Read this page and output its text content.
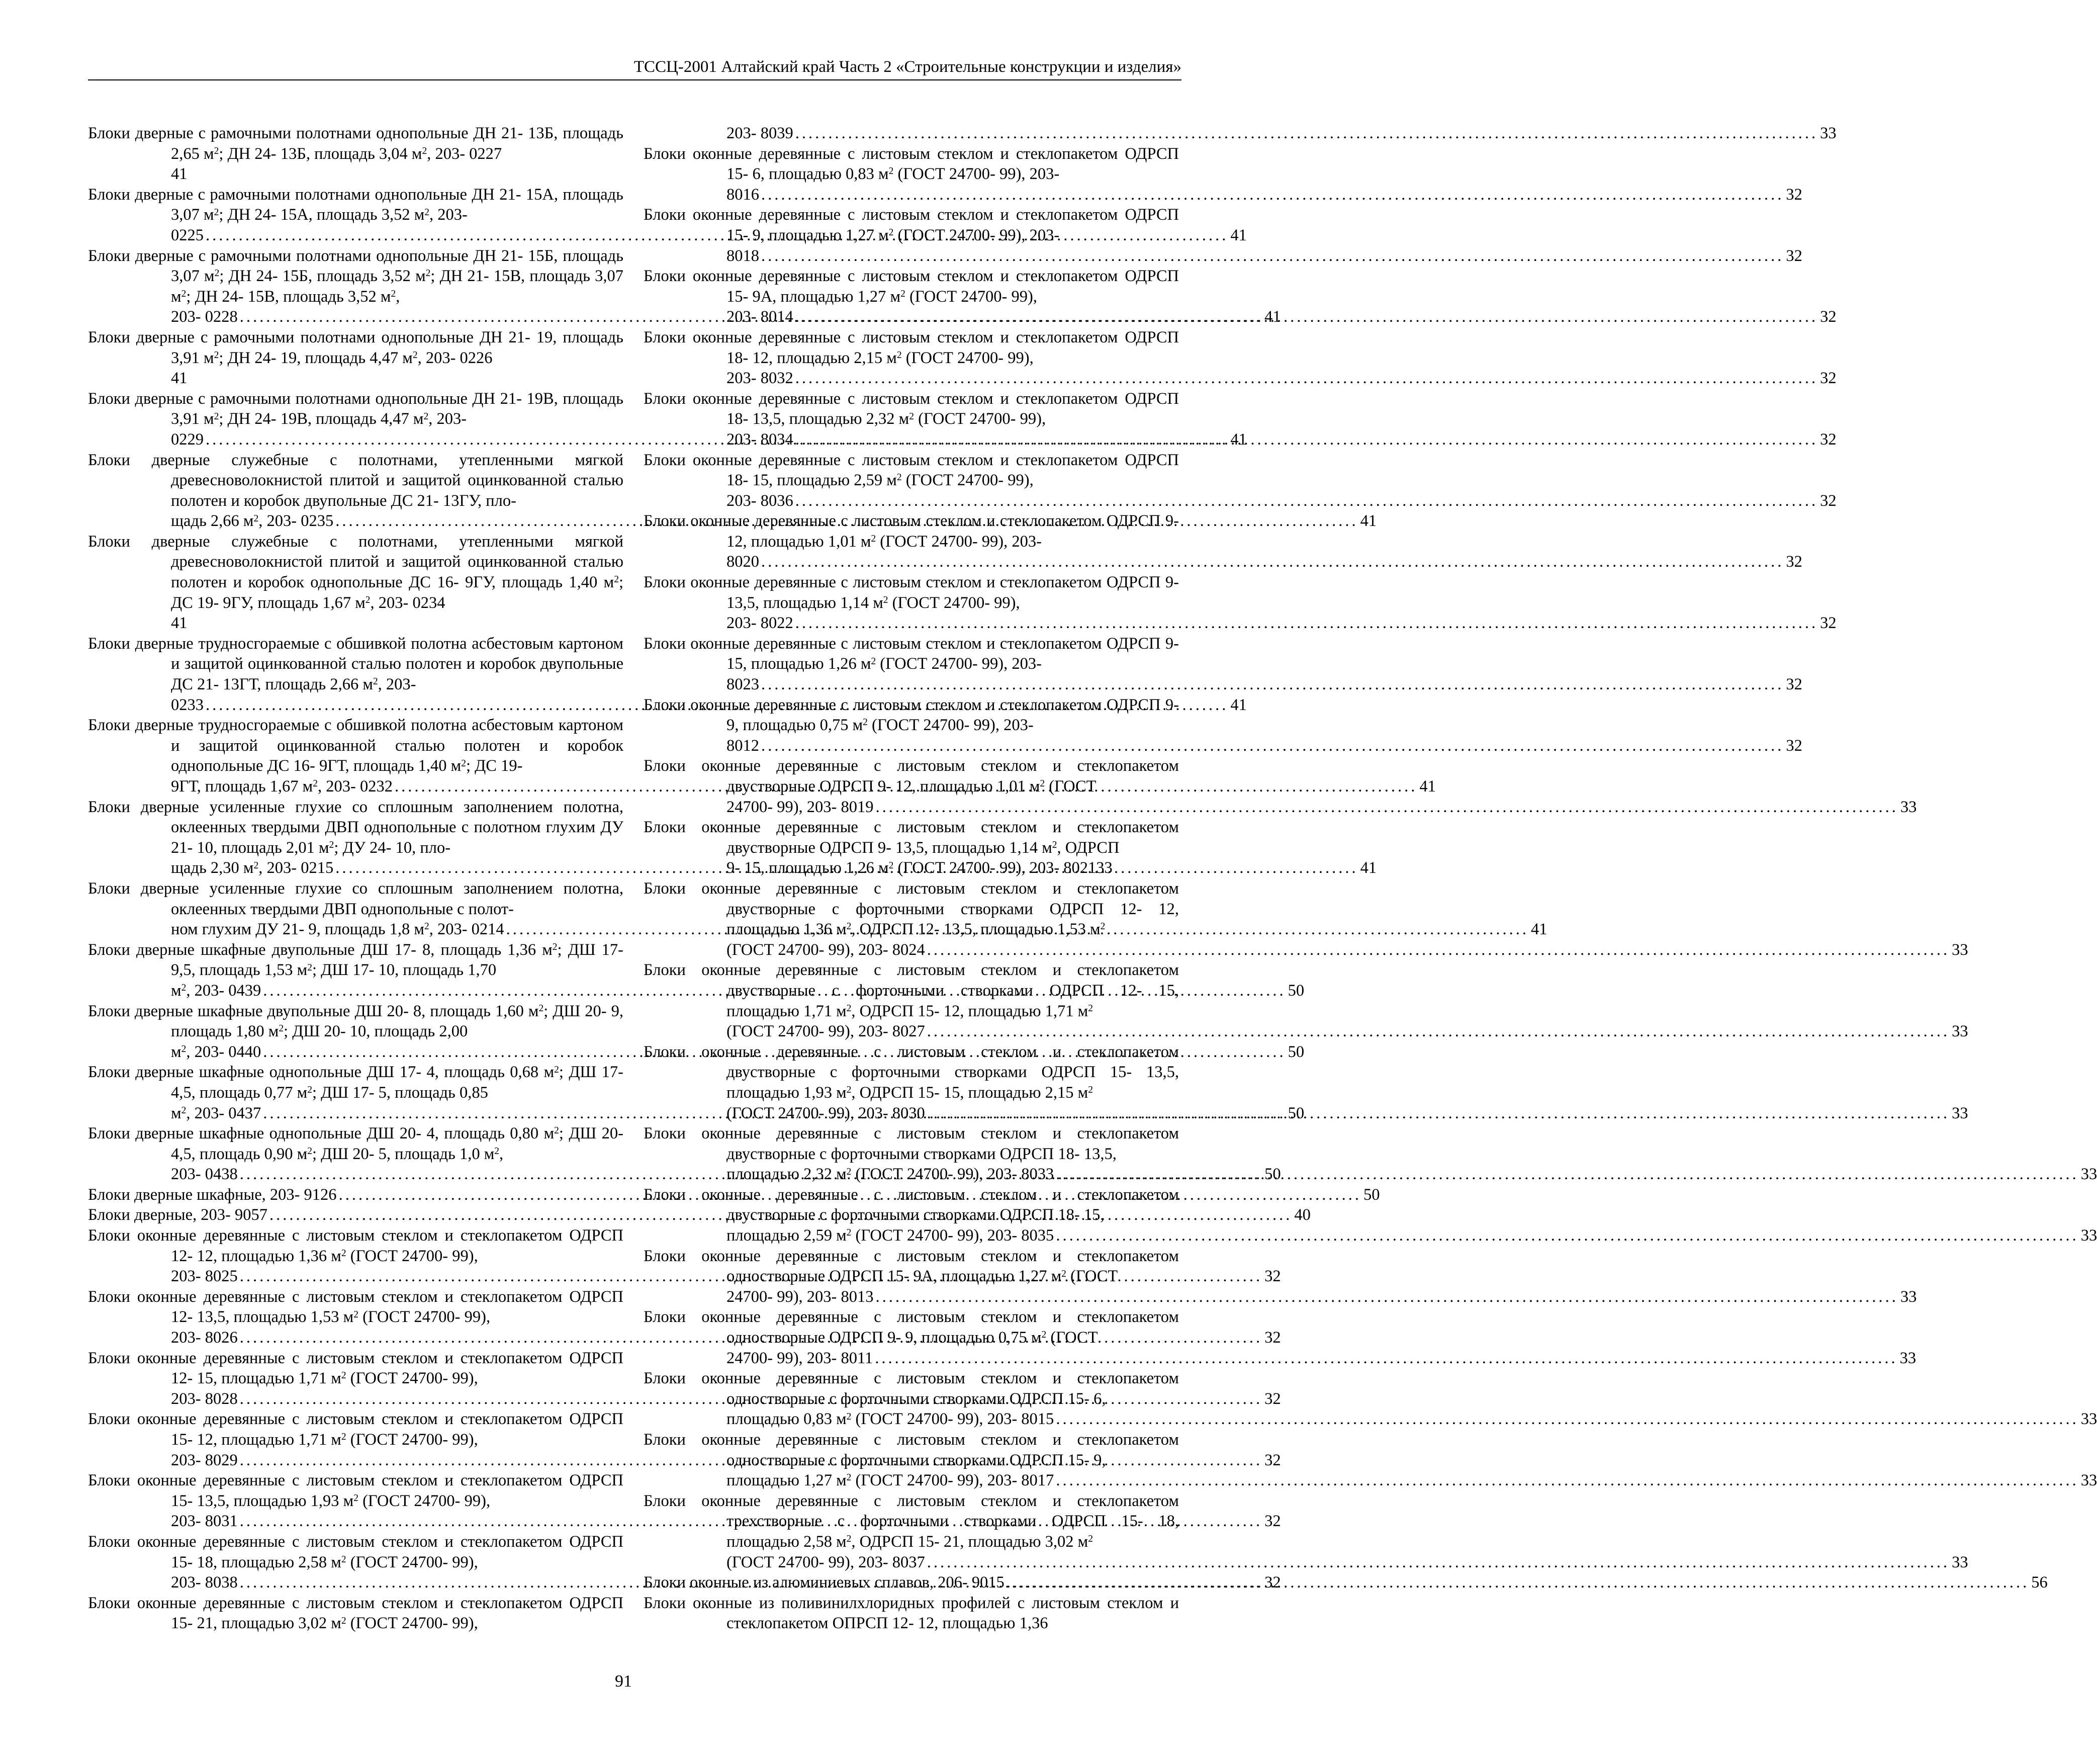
ТССЦ-2001 Алтайский край Часть 2 «Строительные конструкции и изделия»
Блоки дверные с рамочными полотнами однопольные ДН 21- 13Б, площадь 2,65 $м^2$; ДН 24- 13Б, площадь 3,04 $м^2$, 203- 0227
41
Блоки дверные с рамочными полотнами однопольные ДН 21- 15А, площадь 3,07 $м^2$; ДН 24- 15А, площадь 3,52 $м^2$, 203-
0225 .....	41
Блоки дверные с рамочными полотнами однопольные ДН 21- 15Б, площадь 3,07 $м^2$; ДН 24- 15Б, площадь 3,52 $м^2$; ДН 21- 15В, площадь 3,07 $м^2$; ДН 24- 15В, площадь 3,52 $м^2$,
203- 0228 .....	41
Блоки дверные с рамочными полотнами однопольные ДН 21- 19, площадь 3,91 $м^2$; ДН 24- 19, площадь 4,47 $м^2$, 203- 0226
41
Блоки дверные с рамочными полотнами однопольные ДН 21- 19В, площадь 3,91 $м^2$; ДН 24- 19В, площадь 4,47 $м^2$, 203-
0229 .....	41
Блоки дверные служебные с полотнами, утепленными мягкой древесноволокнистой плитой и защитой оцинкованной сталью полотен и коробок двупольные ДС 21- 13ГУ, пло-
щадь 2,66 $м^2$, 203- 0235 .....	41
Блоки дверные служебные с полотнами, утепленными мягкой древесноволокнистой плитой и защитой оцинкованной сталью полотен и коробок однопольные ДС 16- 9ГУ, площадь 1,40 $м^2$; ДС 19- 9ГУ, площадь 1,67 $м^2$, 203- 0234
41
Блоки дверные трудносгораемые с обшивкой полотна асбестовым картоном и защитой оцинкованной сталью полотен и коробок двупольные ДС 21- 13ГТ, площадь 2,66 $м^2$, 203-
0233 .....	41
Блоки дверные трудносгораемые с обшивкой полотна асбестовым картоном и защитой оцинкованной сталью полотен и коробок однопольные ДС 16- 9ГТ, площадь 1,40 $м^2$; ДС 19-
9ГТ, площадь 1,67 $м^2$, 203- 0232 .....	41
Блоки дверные усиленные глухие со сплошным заполнением полотна, оклеенных твердыми ДВП однопольные с полотном глухим ДУ 21- 10, площадь 2,01 $м^2$; ДУ 24- 10, пло-
щадь 2,30 $м^2$, 203- 0215 .....	41
Блоки дверные усиленные глухие со сплошным заполнением полотна, оклеенных твердыми ДВП однопольные с полот-
ном глухим ДУ 21- 9, площадь 1,8 $м^2$, 203- 0214 .....	41
Блоки дверные шкафные двупольные ДШ 17- 8, площадь 1,36 $м^2$; ДШ 17- 9,5, площадь 1,53 $м^2$; ДШ 17- 10, площадь 1,70
$м^2$, 203- 0439 .....	50
Блоки дверные шкафные двупольные ДШ 20- 8, площадь 1,60 $м^2$; ДШ 20- 9, площадь 1,80 $м^2$; ДШ 20- 10, площадь 2,00
$м^2$, 203- 0440 .....	50
Блоки дверные шкафные однопольные ДШ 17- 4, площадь 0,68 $м^2$; ДШ 17- 4,5, площадь 0,77 $м^2$; ДШ 17- 5, площадь 0,85
$м^2$, 203- 0437 .....	50
Блоки дверные шкафные однопольные ДШ 20- 4, площадь 0,80 $м^2$; ДШ 20- 4,5, площадь 0,90 $м^2$; ДШ 20- 5, площадь 1,0 $м^2$,
203- 0438 .....	50
Блоки дверные шкафные, 203- 9126 .....	50
Блоки дверные, 203- 9057 .....	40
Блоки оконные деревянные с листовым стеклом и стеклопакетом ОДРСП 12- 12, площадью 1,36 $м^2$ (ГОСТ 24700- 99),
203- 8025 .....	32
Блоки оконные деревянные с листовым стеклом и стеклопакетом ОДРСП 12- 13,5, площадью 1,53 $м^2$ (ГОСТ 24700- 99),
203- 8026 .....	32
Блоки оконные деревянные с листовым стеклом и стеклопакетом ОДРСП 12- 15, площадью 1,71 $м^2$ (ГОСТ 24700- 99),
203- 8028 .....	32
Блоки оконные деревянные с листовым стеклом и стеклопакетом ОДРСП 15- 12, площадью 1,71 $м^2$ (ГОСТ 24700- 99),
203- 8029 .....	32
Блоки оконные деревянные с листовым стеклом и стеклопакетом ОДРСП 15- 13,5, площадью 1,93 $м^2$ (ГОСТ 24700- 99),
203- 8031 .....	32
Блоки оконные деревянные с листовым стеклом и стеклопакетом ОДРСП 15- 18, площадью 2,58 $м^2$ (ГОСТ 24700- 99),
203- 8038 .....	32
Блоки оконные деревянные с листовым стеклом и стеклопакетом ОДРСП 15- 21, площадью 3,02 $м^2$ (ГОСТ 24700- 99),
203- 8039 .....	33
Блоки оконные деревянные с листовым стеклом и стеклопакетом ОДРСП 15- 6, площадью 0,83 $м^2$ (ГОСТ 24700- 99), 203-
8016 .....	32
Блоки оконные деревянные с листовым стеклом и стеклопакетом ОДРСП 15- 9, площадью 1,27 $м^2$ (ГОСТ 24700- 99), 203-
8018 .....	32
Блоки оконные деревянные с листовым стеклом и стеклопакетом ОДРСП 15- 9А, площадью 1,27 $м^2$ (ГОСТ 24700- 99),
203- 8014 .....	32
Блоки оконные деревянные с листовым стеклом и стеклопакетом ОДРСП 18- 12, площадью 2,15 $м^2$ (ГОСТ 24700- 99),
203- 8032 .....	32
Блоки оконные деревянные с листовым стеклом и стеклопакетом ОДРСП 18- 13,5, площадью 2,32 $м^2$ (ГОСТ 24700- 99),
203- 8034 .....	32
Блоки оконные деревянные с листовым стеклом и стеклопакетом ОДРСП 18- 15, площадью 2,59 $м^2$ (ГОСТ 24700- 99),
203- 8036 .....	32
Блоки оконные деревянные с листовым стеклом и стеклопакетом ОДРСП 9- 12, площадью 1,01 $м^2$ (ГОСТ 24700- 99), 203-
8020 .....	32
Блоки оконные деревянные с листовым стеклом и стеклопакетом ОДРСП 9- 13,5, площадью 1,14 $м^2$ (ГОСТ 24700- 99),
203- 8022 .....	32
Блоки оконные деревянные с листовым стеклом и стеклопакетом ОДРСП 9- 15, площадью 1,26 $м^2$ (ГОСТ 24700- 99), 203-
8023 .....	32
Блоки оконные деревянные с листовым стеклом и стеклопакетом ОДРСП 9- 9, площадью 0,75 $м^2$ (ГОСТ 24700- 99), 203-
8012 .....	32
Блоки оконные деревянные с листовым стеклом и стеклопакетом двустворные ОДРСП 9- 12, площадью 1,01 $м^2$ (ГОСТ
24700- 99), 203- 8019 .....	33
Блоки оконные деревянные с листовым стеклом и стеклопакетом двустворные ОДРСП 9- 13,5, площадью 1,14 $м^2$, ОДРСП
9- 15, площадью 1,26 $м^2$ (ГОСТ 24700- 99), 203- 8021 33
Блоки оконные деревянные с листовым стеклом и стеклопакетом двустворные с форточными створками ОДРСП 12- 12, площадью 1,36 $м^2$, ОДРСП 12- 13,5, площадью 1,53 $м^2$
(ГОСТ 24700- 99), 203- 8024 .....	33
Блоки оконные деревянные с листовым стеклом и стеклопакетом двустворные с форточными створками ОДРСП 12- 15, площадью 1,71 $м^2$, ОДРСП 15- 12, площадью 1,71 $м^2$
(ГОСТ 24700- 99), 203- 8027 .....	33
Блоки оконные деревянные с листовым стеклом и стеклопакетом двустворные с форточными створками ОДРСП 15- 13,5, площадью 1,93 $м^2$, ОДРСП 15- 15, площадью 2,15 $м^2$
(ГОСТ 24700- 99), 203- 8030 .....	33
Блоки оконные деревянные с листовым стеклом и стеклопакетом двустворные с форточными створками ОДРСП 18- 13,5,
площадью 2,32 $м^2$ (ГОСТ 24700- 99), 203- 8033 .....	33
Блоки оконные деревянные с листовым стеклом и стеклопакетом двустворные с форточными створками ОДРСП 18- 15,
площадью 2,59 $м^2$ (ГОСТ 24700- 99), 203- 8035 .....	33
Блоки оконные деревянные с листовым стеклом и стеклопакетом одностворные ОДРСП 15- 9А, площадью 1,27 $м^2$ (ГОСТ
24700- 99), 203- 8013 .....	33
Блоки оконные деревянные с листовым стеклом и стеклопакетом одностворные ОДРСП 9- 9, площадью 0,75 $м^2$ (ГОСТ
24700- 99), 203- 8011 .....	33
Блоки оконные деревянные с листовым стеклом и стеклопакетом одностворные с форточными створками ОДРСП 15- 6,
площадью 0,83 $м^2$ (ГОСТ 24700- 99), 203- 8015 .....	33
Блоки оконные деревянные с листовым стеклом и стеклопакетом одностворные с форточными створками ОДРСП 15- 9,
площадью 1,27 $м^2$ (ГОСТ 24700- 99), 203- 8017 .....	33
Блоки оконные деревянные с листовым стеклом и стеклопакетом трехстворные с форточными створками ОДРСП 15- 18, площадью 2,58 $м^2$, ОДРСП 15- 21, площадью 3,02 $м^2$
(ГОСТ 24700- 99), 203- 8037 .....	33
Блоки оконные из алюминиевых сплавов, 206- 9015 .....	56
Блоки оконные из поливинилхлоридных профилей с листовым стеклом и стеклопакетом ОПРСП 12- 12, площадью 1,36
91
